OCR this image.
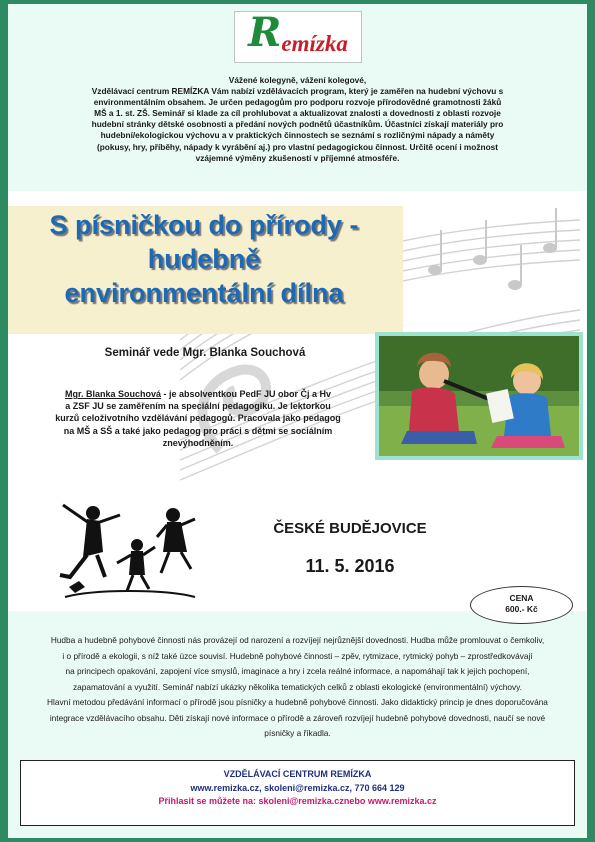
R emízka
Vážené kolegyně, vážení kolegové,
Vzdělávací centrum REMÍZKA Vám nabízí vzdělávacích program, který je zaměřen na hudební výchovu s
environmentálním obsahem. Je určen pedagogům pro podporu rozvoje přírodovědné gramotnosti žáků
MŠ a 1. st. ZŠ. Seminář si klade za cíl prohlubovat a aktualizovat znalosti a dovednosti z oblasti rozvoje
hudební stránky dětské osobnosti a předání nových podnětů účastníkům. Účastníci získají materiály pro
hudební/ekologickou výchovu a v praktických činnostech se seznámí s rozličnými nápady a náměty
(pokusy, hry, příběhy, nápady k vyrábění aj.) pro vlastní pedagogickou činnost. Určitě ocení i možnost
vzájemné výměny zkušeností v příjemné atmosféře.
S písničkou do přírody -
hudebně
environmentální dílna
Seminář vede Mgr. Blanka Souchová
Mgr. Blanka Souchová - je absolventkou PedF JU obor Čj a Hv
a ZSF JU se zaměřením na speciální pedagogiku. Je lektorkou
kurzů celoživotního vzdělávání pedagogů. Pracovala jako pedagog
na MŠ a SŠ a také jako pedagog pro práci s dětmi se sociálním
znevýhodněním.
ČESKÉ BUDĚJOVICE
11. 5. 2016
CENA
600.- Kč
Hudba a hudebně pohybové činnosti nás provázejí od narození a rozvíjejí nejrůznější dovednosti. Hudba může promlouvat o čemkoliv,
i o přírodě a ekologii, s níž také úzce souvisí. Hudebně pohybové činnosti – zpěv, rytmizace, rytmický pohyb – zprostředkovávají
na principech opakování, zapojení více smyslů, imaginace a hry i zcela reálné informace, a napomáhají tak k jejich pochopení,
zapamatování a využití. Seminář nabízí ukázky několika tematických celků z oblasti ekologické (environmentální) výchovy.
Hlavní metodou předávání informací o přírodě jsou písničky a hudebně pohybové činnosti. Jako didaktický princip je dnes doporučována
integrace vzdělávacího obsahu. Děti získají nové informace o přírodě a zároveň rozvíjejí hudebně pohybové dovednosti, naučí se nové
písničky a říkadla.
VZDĚLÁVACÍ CENTRUM REMÍZKA
www.remizka.cz, skoleni@remizka.cz, 770 664 129
Přihlasit se můžete na: skoleni@remizka.cznebo www.remizka.cz
